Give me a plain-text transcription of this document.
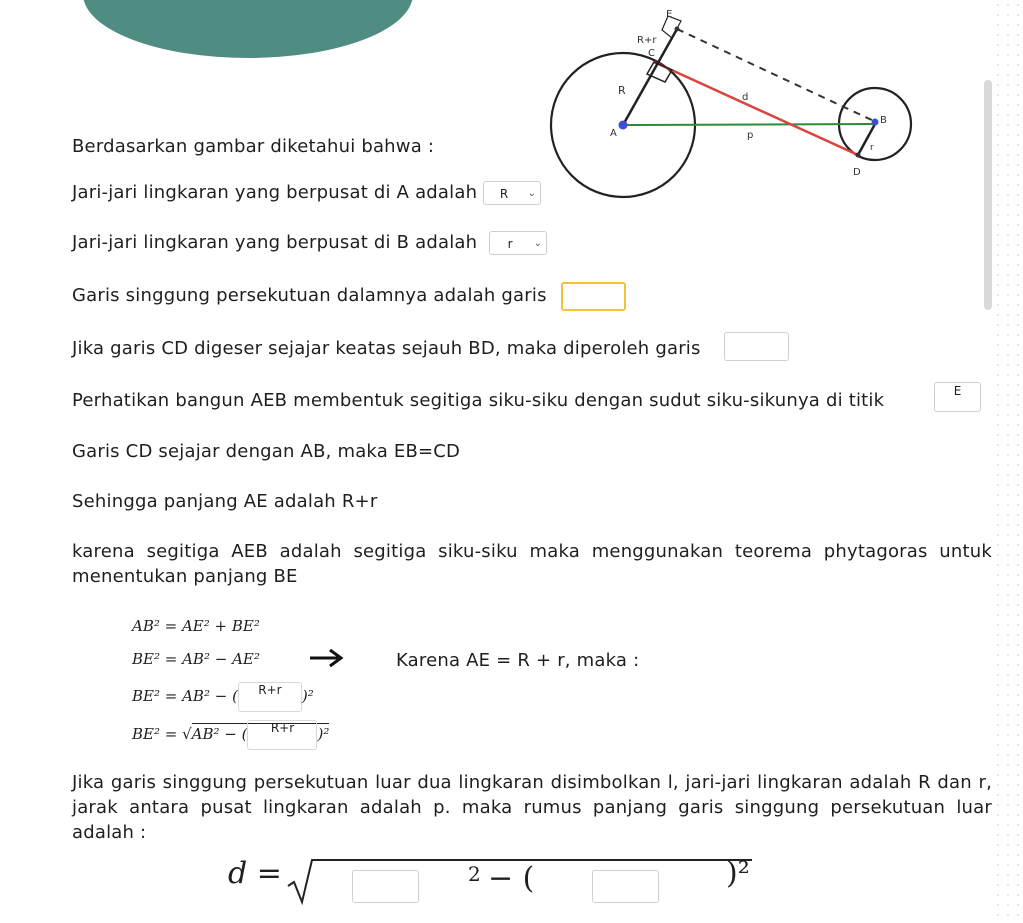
E
R+r
C
R
d
A	p
B
r
D
Berdasarkan gambar diketahui bahwa :
Jari-jari lingkaran yang berpusat di A adalah	R	⌄
Jari-jari lingkaran yang berpusat di B adalah	r	⌄
Garis singgung persekutuan dalamnya adalah garis
Jika garis CD digeser sejajar keatas sejauh BD, maka diperoleh garis
Perhatikan bangun AEB membentuk segitiga siku-siku dengan sudut siku-sikunya di titik	E
Garis CD sejajar dengan AB, maka EB=CD
Sehingga panjang AE adalah R+r
karena segitiga AEB adalah segitiga siku-siku maka menggunakan teorema phytagoras untuk menentukan panjang BE
AB² = AE² + BE²
BE² = AB² − AE²	Karena AE = R + r, maka :
BE² = AB² − ( R+r )²
BE² = √AB² − ( R+r )²
Jika garis singgung persekutuan luar dua lingkaran disimbolkan l, jari-jari lingkaran adalah R dan r, jarak antara pusat lingkaran adalah p. maka rumus panjang garis singgung persekutuan luar adalah :
d =	2 − (	)²
